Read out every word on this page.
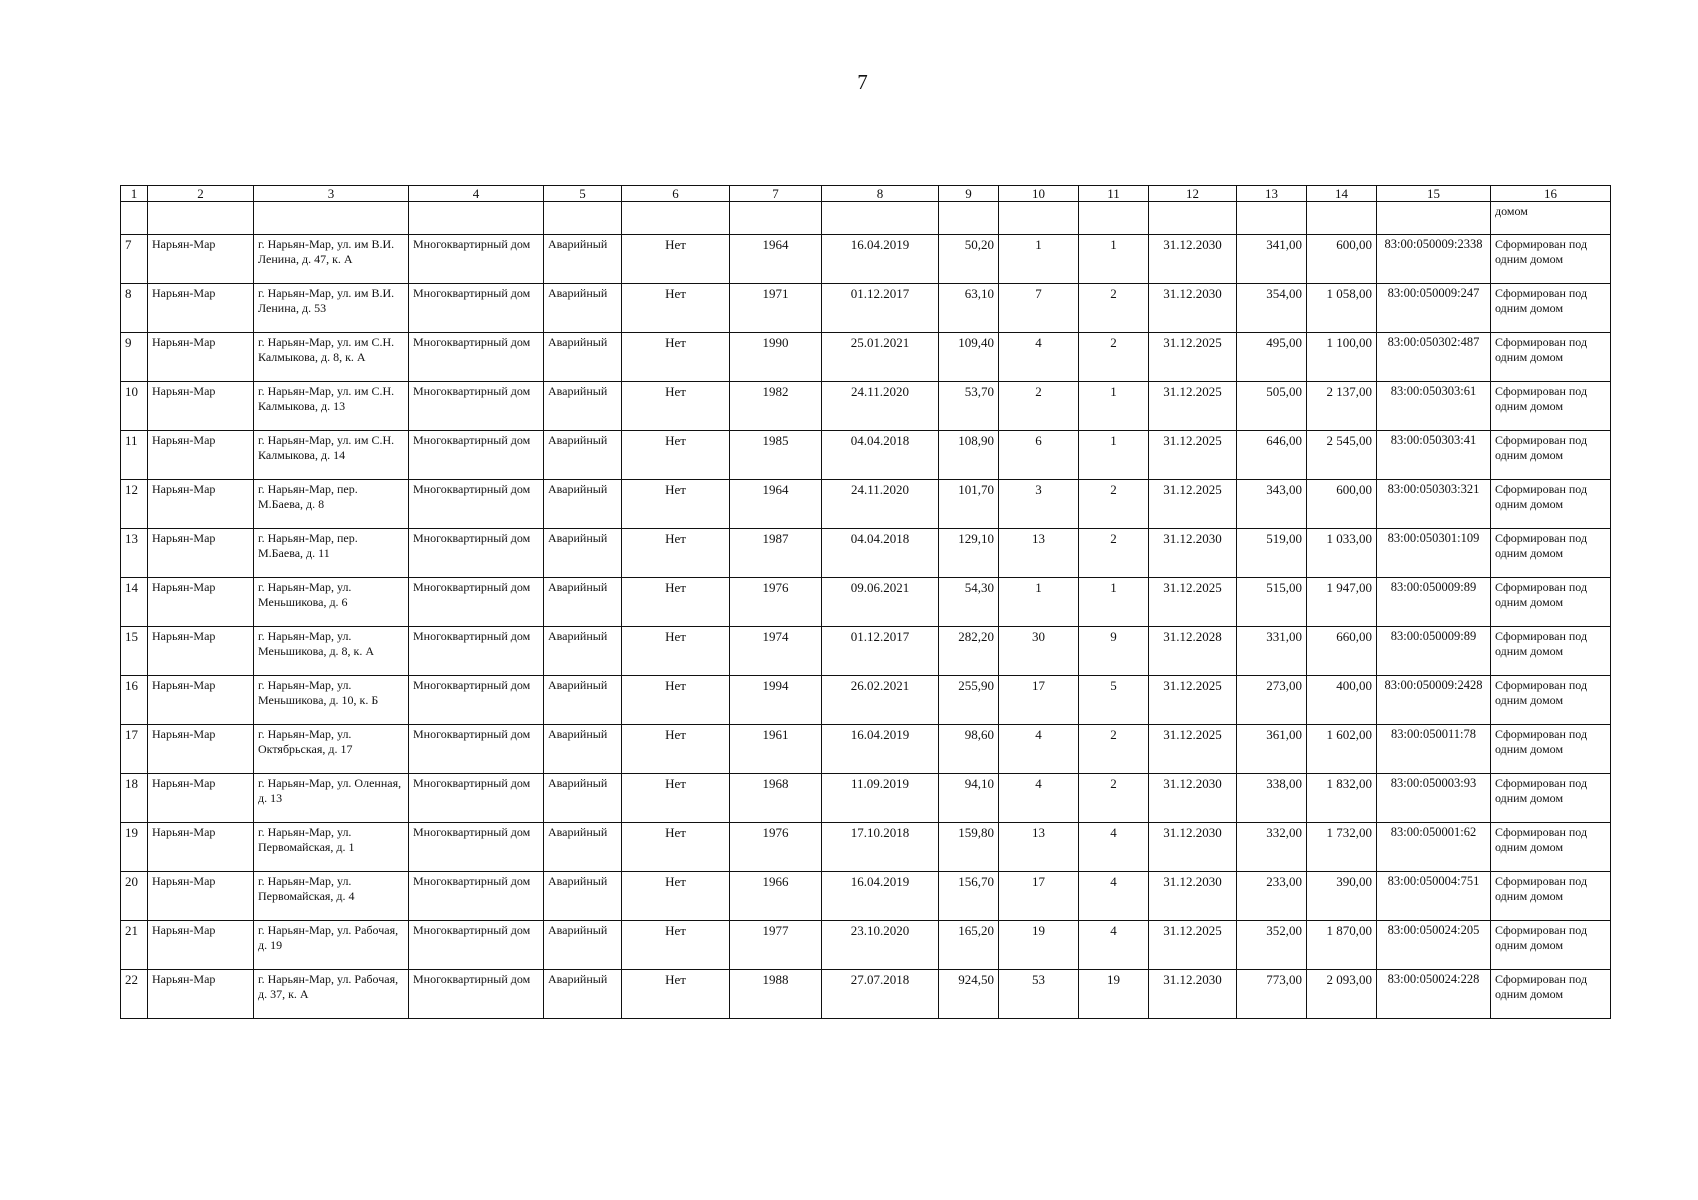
7
1	2	3	4	5	6	7	8	9	10	11	12	13	14	15	16
															домом
7	Нарьян-Мар	г. Нарьян-Мар, ул. им В.И. Ленина, д. 47, к. А	Многоквартирный дом	Аварийный	Нет	1964	16.04.2019	50,20	1	1	31.12.2030	341,00	600,00	83:00:050009:2338	Сформирован под одним домом
8	Нарьян-Мар	г. Нарьян-Мар, ул. им В.И. Ленина, д. 53	Многоквартирный дом	Аварийный	Нет	1971	01.12.2017	63,10	7	2	31.12.2030	354,00	1 058,00	83:00:050009:247	Сформирован под одним домом
9	Нарьян-Мар	г. Нарьян-Мар, ул. им С.Н. Калмыкова, д. 8, к. А	Многоквартирный дом	Аварийный	Нет	1990	25.01.2021	109,40	4	2	31.12.2025	495,00	1 100,00	83:00:050302:487	Сформирован под одним домом
10	Нарьян-Мар	г. Нарьян-Мар, ул. им С.Н. Калмыкова, д. 13	Многоквартирный дом	Аварийный	Нет	1982	24.11.2020	53,70	2	1	31.12.2025	505,00	2 137,00	83:00:050303:61	Сформирован под одним домом
11	Нарьян-Мар	г. Нарьян-Мар, ул. им С.Н. Калмыкова, д. 14	Многоквартирный дом	Аварийный	Нет	1985	04.04.2018	108,90	6	1	31.12.2025	646,00	2 545,00	83:00:050303:41	Сформирован под одним домом
12	Нарьян-Мар	г. Нарьян-Мар, пер. М.Баева, д. 8	Многоквартирный дом	Аварийный	Нет	1964	24.11.2020	101,70	3	2	31.12.2025	343,00	600,00	83:00:050303:321	Сформирован под одним домом
13	Нарьян-Мар	г. Нарьян-Мар, пер. М.Баева, д. 11	Многоквартирный дом	Аварийный	Нет	1987	04.04.2018	129,10	13	2	31.12.2030	519,00	1 033,00	83:00:050301:109	Сформирован под одним домом
14	Нарьян-Мар	г. Нарьян-Мар, ул. Меньшикова, д. 6	Многоквартирный дом	Аварийный	Нет	1976	09.06.2021	54,30	1	1	31.12.2025	515,00	1 947,00	83:00:050009:89	Сформирован под одним домом
15	Нарьян-Мар	г. Нарьян-Мар, ул. Меньшикова, д. 8, к. А	Многоквартирный дом	Аварийный	Нет	1974	01.12.2017	282,20	30	9	31.12.2028	331,00	660,00	83:00:050009:89	Сформирован под одним домом
16	Нарьян-Мар	г. Нарьян-Мар, ул. Меньшикова, д. 10, к. Б	Многоквартирный дом	Аварийный	Нет	1994	26.02.2021	255,90	17	5	31.12.2025	273,00	400,00	83:00:050009:2428	Сформирован под одним домом
17	Нарьян-Мар	г. Нарьян-Мар, ул. Октябрьская, д. 17	Многоквартирный дом	Аварийный	Нет	1961	16.04.2019	98,60	4	2	31.12.2025	361,00	1 602,00	83:00:050011:78	Сформирован под одним домом
18	Нарьян-Мар	г. Нарьян-Мар, ул. Оленная, д. 13	Многоквартирный дом	Аварийный	Нет	1968	11.09.2019	94,10	4	2	31.12.2030	338,00	1 832,00	83:00:050003:93	Сформирован под одним домом
19	Нарьян-Мар	г. Нарьян-Мар, ул. Первомайская, д. 1	Многоквартирный дом	Аварийный	Нет	1976	17.10.2018	159,80	13	4	31.12.2030	332,00	1 732,00	83:00:050001:62	Сформирован под одним домом
20	Нарьян-Мар	г. Нарьян-Мар, ул. Первомайская, д. 4	Многоквартирный дом	Аварийный	Нет	1966	16.04.2019	156,70	17	4	31.12.2030	233,00	390,00	83:00:050004:751	Сформирован под одним домом
21	Нарьян-Мар	г. Нарьян-Мар, ул. Рабочая, д. 19	Многоквартирный дом	Аварийный	Нет	1977	23.10.2020	165,20	19	4	31.12.2025	352,00	1 870,00	83:00:050024:205	Сформирован под одним домом
22	Нарьян-Мар	г. Нарьян-Мар, ул. Рабочая, д. 37, к. А	Многоквартирный дом	Аварийный	Нет	1988	27.07.2018	924,50	53	19	31.12.2030	773,00	2 093,00	83:00:050024:228	Сформирован под одним домом
